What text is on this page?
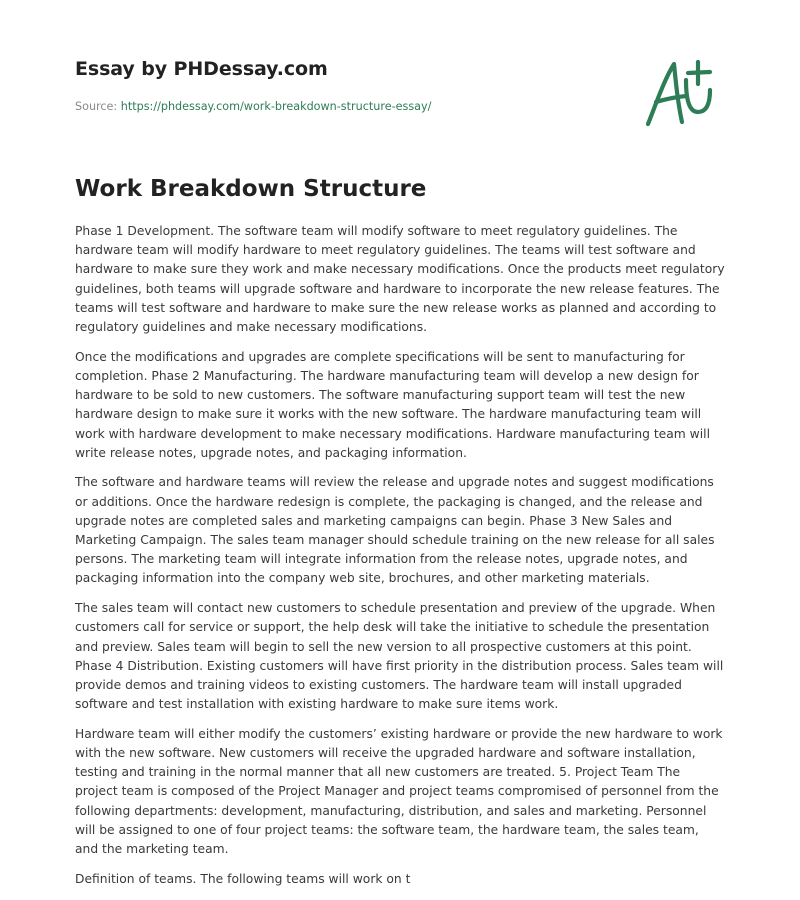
Essay by PHDessay.com
Source: https://phdessay.com/work-breakdown-structure-essay/
Work Breakdown Structure

Phase 1 Development. The software team will modify software to meet regulatory guidelines. The hardware team will modify hardware to meet regulatory guidelines. The teams will test software and hardware to make sure they work and make necessary modifications. Once the products meet regulatory guidelines, both teams will upgrade software and hardware to incorporate the new release features. The teams will test software and hardware to make sure the new release works as planned and according to regulatory guidelines and make necessary modifications.

Once the modifications and upgrades are complete specifications will be sent to manufacturing for completion. Phase 2 Manufacturing. The hardware manufacturing team will develop a new design for hardware to be sold to new customers. The software manufacturing support team will test the new hardware design to make sure it works with the new software. The hardware manufacturing team will work with hardware development to make necessary modifications. Hardware manufacturing team will write release notes, upgrade notes, and packaging information.

The software and hardware teams will review the release and upgrade notes and suggest modifications or additions. Once the hardware redesign is complete, the packaging is changed, and the release and upgrade notes are completed sales and marketing campaigns can begin. Phase 3 New Sales and Marketing Campaign. The sales team manager should schedule training on the new release for all sales persons. The marketing team will integrate information from the release notes, upgrade notes, and packaging information into the company web site, brochures, and other marketing materials.

The sales team will contact new customers to schedule presentation and preview of the upgrade. When customers call for service or support, the help desk will take the initiative to schedule the presentation and preview. Sales team will begin to sell the new version to all prospective customers at this point. Phase 4 Distribution. Existing customers will have first priority in the distribution process. Sales team will provide demos and training videos to existing customers. The hardware team will install upgraded software and test installation with existing hardware to make sure items work.

Hardware team will either modify the customers’ existing hardware or provide the new hardware to work with the new software. New customers will receive the upgraded hardware and software installation, testing and training in the normal manner that all new customers are treated. 5. Project Team The project team is composed of the Project Manager and project teams compromised of personnel from the following departments: development, manufacturing, distribution, and sales and marketing. Personnel will be assigned to one of four project teams: the software team, the hardware team, the sales team, and the marketing team.

Definition of teams. The following teams will work on t
